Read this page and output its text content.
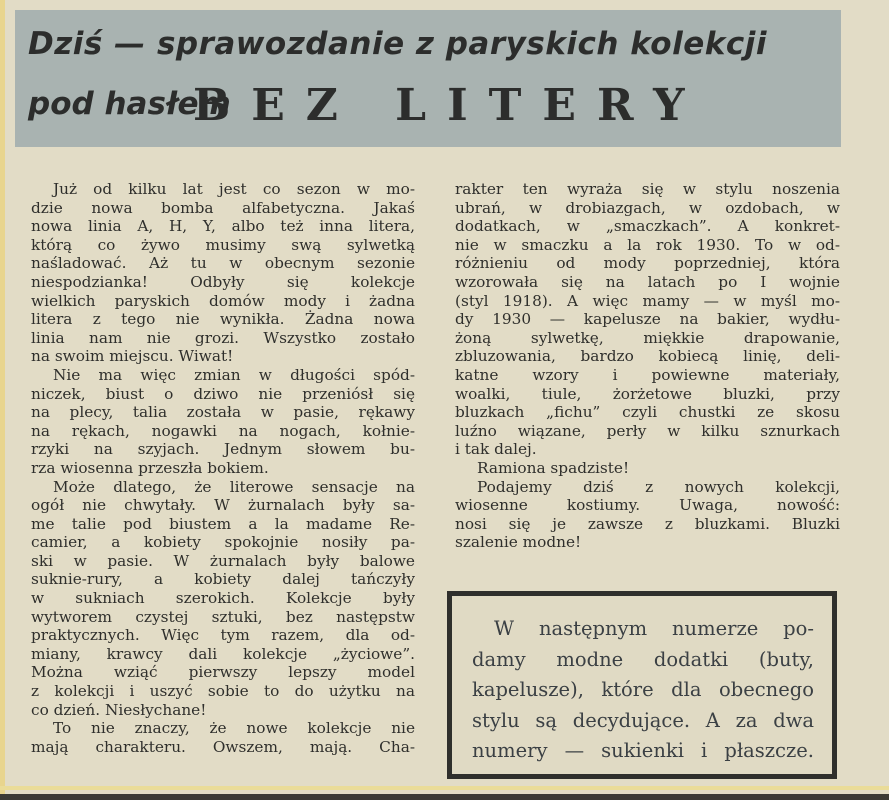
Dziś — sprawozdanie z paryskich kolekcji
pod hasłem
BEZ LITERY
Już od kilku lat jest co sezon w mo-
dzie nowa bomba alfabetyczna. Jakaś
nowa linia A, H, Y, albo też inna litera,
którą co żywo musimy swą sylwetką
naśladować. Aż tu w obecnym sezonie
niespodzianka! Odbyły się kolekcje
wielkich paryskich domów mody i żadna
litera z tego nie wynikła. Żadna nowa
linia nam nie grozi. Wszystko zostało
na swoim miejscu. Wiwat!
Nie ma więc zmian w długości spód-
niczek, biust o dziwo nie przeniósł się
na plecy, talia została w pasie, rękawy
na rękach, nogawki na nogach, kołnie-
rzyki na szyjach. Jednym słowem bu-
rza wiosenna przeszła bokiem.
Może dlatego, że literowe sensacje na
ogół nie chwytały. W żurnalach były sa-
me talie pod biustem a la madame Re-
camier, a kobiety spokojnie nosiły pa-
ski w pasie. W żurnalach były balowe
suknie-rury, a kobiety dalej tańczyły
w sukniach szerokich. Kolekcje były
wytworem czystej sztuki, bez następstw
praktycznych. Więc tym razem, dla od-
miany, krawcy dali kolekcje „życiowe”.
Można wziąć pierwszy lepszy model
z kolekcji i uszyć sobie to do użytku na
co dzień. Niesłychane!
To nie znaczy, że nowe kolekcje nie
mają charakteru. Owszem, mają. Cha-
rakter ten wyraża się w stylu noszenia
ubrań, w drobiazgach, w ozdobach, w
dodatkach, w „smaczkach”. A konkret-
nie w smaczku a la rok 1930. To w od-
różnieniu od mody poprzedniej, która
wzorowała się na latach po I wojnie
(styl 1918). A więc mamy — w myśl mo-
dy 1930 — kapelusze na bakier, wydłu-
żoną sylwetkę, miękkie drapowanie,
zbluzowania, bardzo kobiecą linię, deli-
katne wzory i powiewne materiały,
woalki, tiule, żorżetowe bluzki, przy
bluzkach „fichu” czyli chustki ze skosu
luźno wiązane, perły w kilku sznurkach
i tak dalej.
Ramiona spadziste!
Podajemy dziś z nowych kolekcji,
wiosenne kostiumy. Uwaga, nowość:
nosi się je zawsze z bluzkami. Bluzki
szalenie modne!
W następnym numerze po-
damy modne dodatki (buty,
kapelusze), które dla obecnego
stylu są decydujące. A za dwa
numery — sukienki i płaszcze.
